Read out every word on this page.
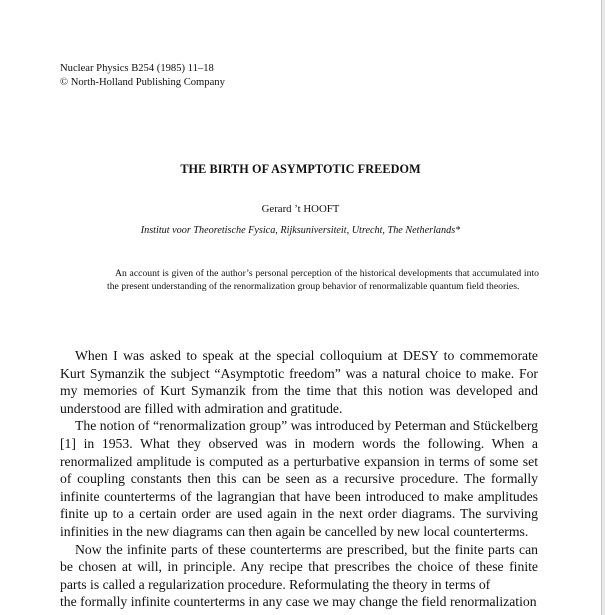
Nuclear Physics B254 (1985) 11–18
© North-Holland Publishing Company
THE BIRTH OF ASYMPTOTIC FREEDOM
Gerard ’t HOOFT
Institut voor Theoretische Fysica, Rijksuniversiteit, Utrecht, The Netherlands*

An account is given of the author’s personal perception of the historical developments that accumulated into the present understanding of the renormalization group behavior of renormalizable quantum field theories.

When I was asked to speak at the special colloquium at DESY to commemorate Kurt Symanzik the subject “Asymptotic freedom” was a natural choice to make. For my memories of Kurt Symanzik from the time that this notion was developed and understood are filled with admiration and gratitude.

The notion of “renormalization group” was introduced by Peterman and Stückelberg [1] in 1953. What they observed was in modern words the following. When a renormalized amplitude is computed as a perturbative expansion in terms of some set of coupling constants then this can be seen as a recursive procedure. The formally infinite counterterms of the lagrangian that have been introduced to make amplitudes finite up to a certain order are used again in the next order diagrams. The surviving infinities in the new diagrams can then again be cancelled by new local counterterms.

Now the infinite parts of these counterterms are prescribed, but the finite parts can be chosen at will, in principle. Any recipe that prescribes the choice of these finite parts is called a regularization procedure. Reformulating the theory in terms of

the formally infinite counterterms in any case we may change the field renormalization
